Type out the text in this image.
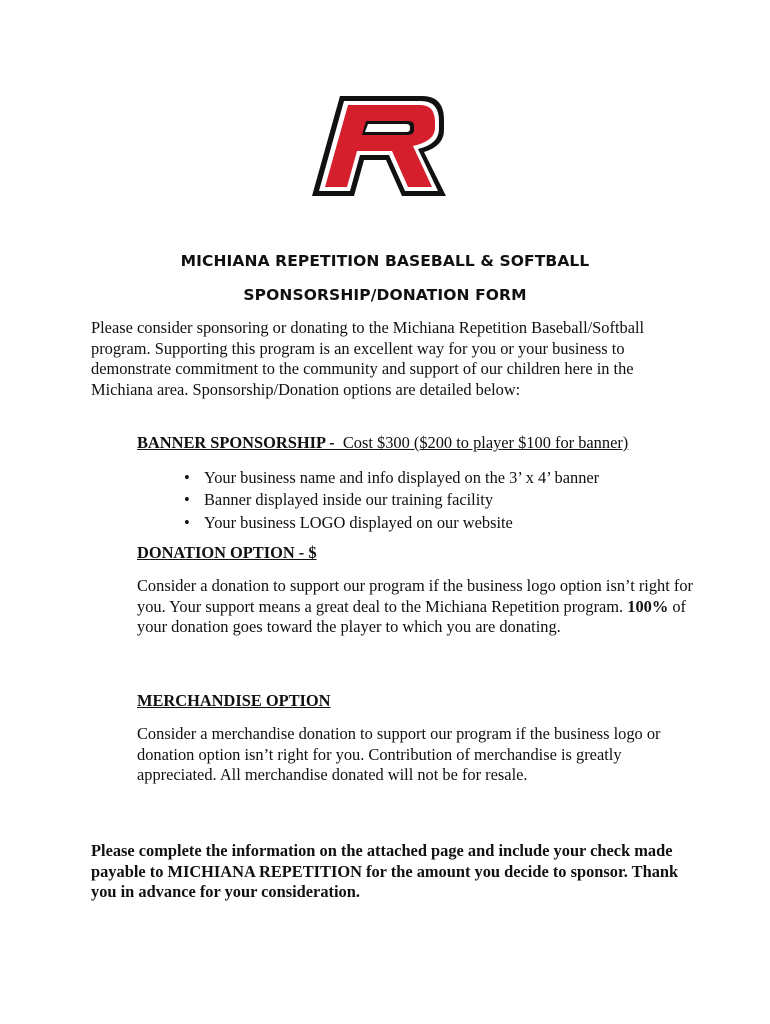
MICHIANA REPETITION BASEBALL & SOFTBALL
SPONSORSHIP/DONATION FORM

Please consider sponsoring or donating to the Michiana Repetition Baseball/Softball program. Supporting this program is an excellent way for you or your business to demonstrate commitment to the community and support of our children here in the Michiana area. Sponsorship/Donation options are detailed below:

BANNER SPONSORSHIP - Cost $300 ($200 to player $100 for banner)
• Your business name and info displayed on the 3’ x 4’ banner
• Banner displayed inside our training facility
• Your business LOGO displayed on our website
DONATION OPTION - $

Consider a donation to support our program if the business logo option isn’t right for you. Your support means a great deal to the Michiana Repetition program. 100% of your donation goes toward the player to which you are donating.

MERCHANDISE OPTION

Consider a merchandise donation to support our program if the business logo or donation option isn’t right for you. Contribution of merchandise is greatly appreciated. All merchandise donated will not be for resale.

Please complete the information on the attached page and include your check made payable to MICHIANA REPETITION for the amount you decide to sponsor. Thank you in advance for your consideration.
